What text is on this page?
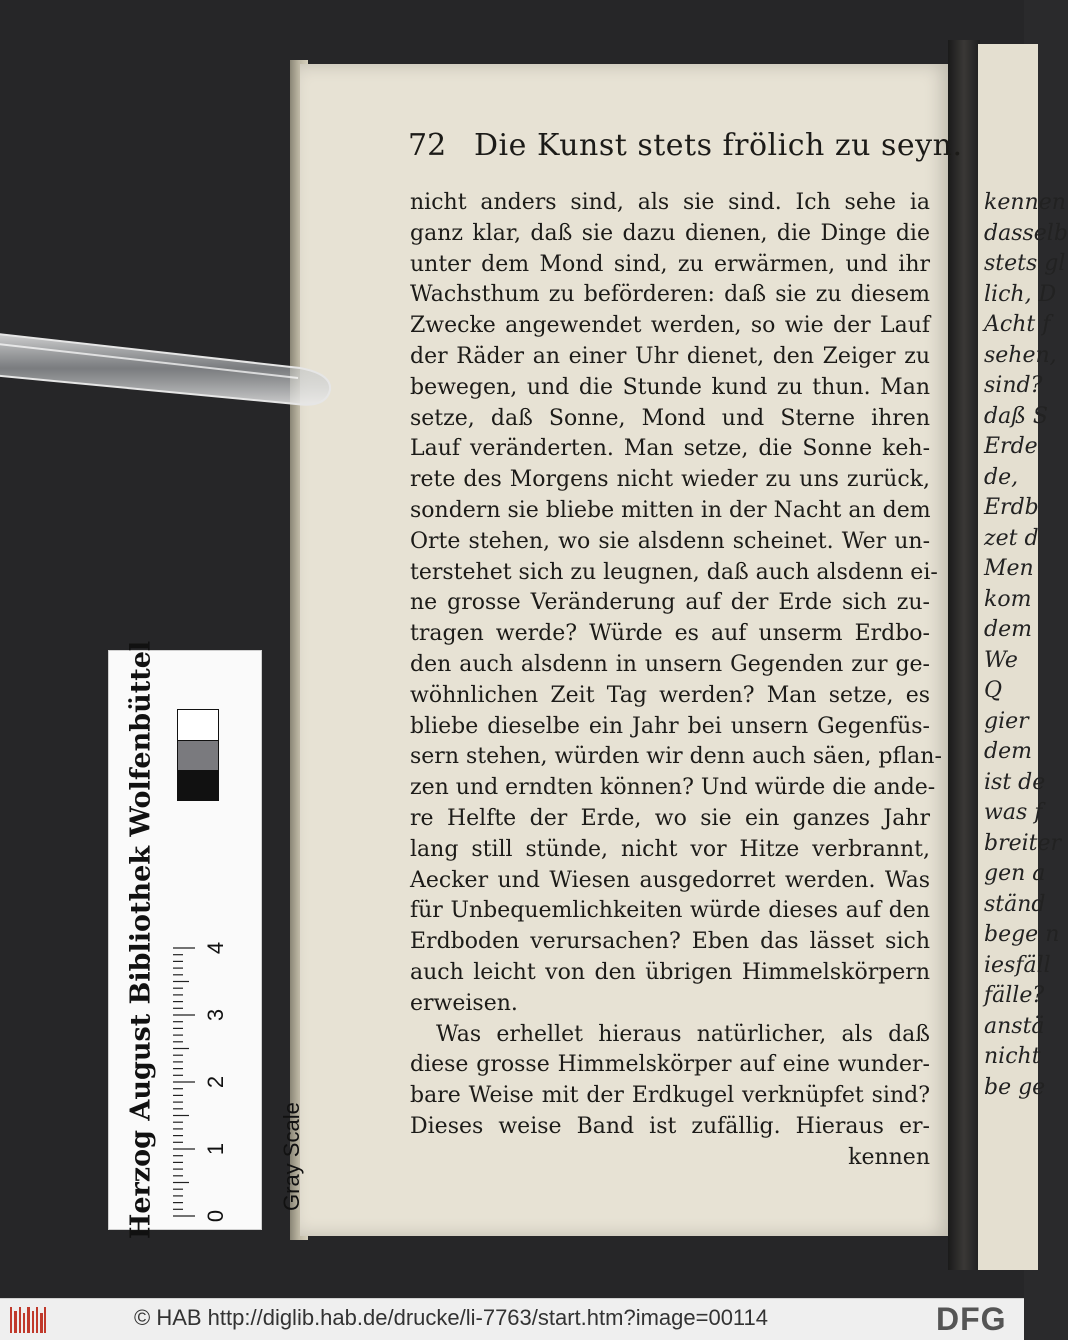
kennen
dasselb
stets gl
lich, D
Acht f
sehen,
sind?
daß S
Erde
de,
Erdb
zet d
Men
kom
dem
We
Q
gier
dem
ist de
was f
breiter
gen a
ständ
bege n
iesfäll
fälle?
anstä
nicht
be ge
72 Die Kunst stets frölich zu seyn.
nicht anders sind, als sie sind. Ich sehe ia
ganz klar, daß sie dazu dienen, die Dinge die
unter dem Mond sind, zu erwärmen, und ihr
Wachsthum zu beförderen: daß sie zu diesem
Zwecke angewendet werden, so wie der Lauf
der Räder an einer Uhr dienet, den Zeiger zu
bewegen, und die Stunde kund zu thun. Man
setze, daß Sonne, Mond und Sterne ihren
Lauf veränderten. Man setze, die Sonne keh-
rete des Morgens nicht wieder zu uns zurück,
sondern sie bliebe mitten in der Nacht an dem
Orte stehen, wo sie alsdenn scheinet. Wer un-
terstehet sich zu leugnen, daß auch alsdenn ei-
ne grosse Veränderung auf der Erde sich zu-
tragen werde? Würde es auf unserm Erdbo-
den auch alsdenn in unsern Gegenden zur ge-
wöhnlichen Zeit Tag werden? Man setze, es
bliebe dieselbe ein Jahr bei unsern Gegenfüs-
sern stehen, würden wir denn auch säen, pflan-
zen und erndten können? Und würde die ande-
re Helfte der Erde, wo sie ein ganzes Jahr
lang still stünde, nicht vor Hitze verbrannt,
Aecker und Wiesen ausgedorret werden. Was
für Unbequemlichkeiten würde dieses auf den
Erdboden verursachen? Eben das lässet sich
auch leicht von den übrigen Himmelskörpern
erweisen.
Was erhellet hieraus natürlicher, als daß
diese grosse Himmelskörper auf eine wunder-
bare Weise mit der Erdkugel verknüpfet sind?
Dieses weise Band ist zufällig. Hieraus er-
kennen
Herzog August Bibliothek Wolfenbüttel 0
1
2
3
4
Gray Scale
© HAB http://diglib.hab.de/drucke/li-7763/start.htm?image=00114	DFG
